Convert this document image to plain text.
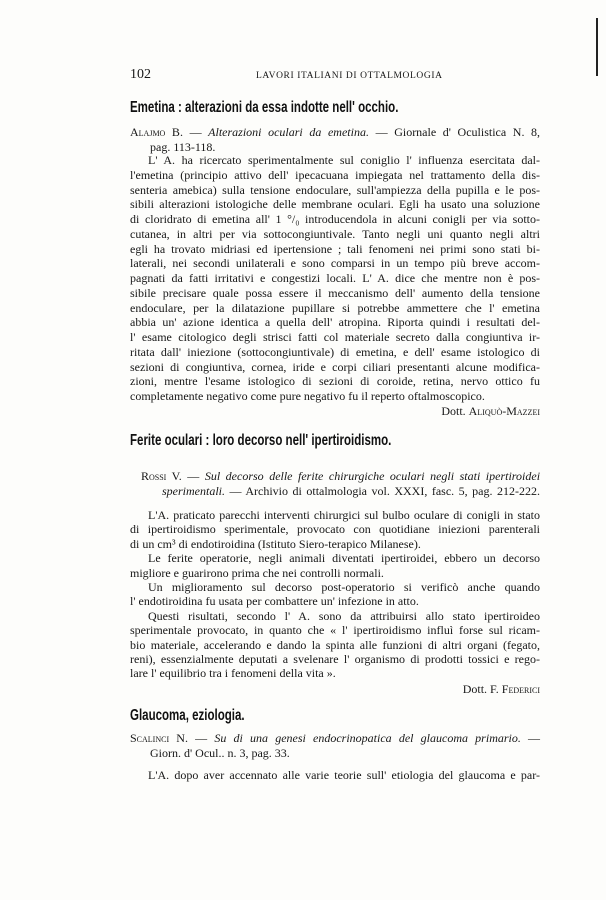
102	LAVORI ITALIANI DI OTTALMOLOGIA
Emetina : alterazioni da essa indotte nell' occhio.
Alajmo B. — Alterazioni oculari da emetina. — Giornale d' Oculistica N. 8,
pag. 113-118.
L' A. ha ricercato sperimentalmente sul coniglio l' influenza esercitata dal-
l'emetina (principio attivo dell' ipecacuana impiegata nel trattamento della dis-
senteria amebica) sulla tensione endoculare, sull'ampiezza della pupilla e le pos-
sibili alterazioni istologiche delle membrane oculari. Egli ha usato una soluzione
di cloridrato di emetina all' 1 °/₀ introducendola in alcuni conigli per via sotto-
cutanea, in altri per via sottocongiuntivale. Tanto negli uni quanto negli altri
egli ha trovato midriasi ed ipertensione ; tali fenomeni nei primi sono stati bi-
laterali, nei secondi unilaterali e sono comparsi in un tempo più breve accom-
pagnati da fatti irritativi e congestizi locali. L' A. dice che mentre non è pos-
sibile precisare quale possa essere il meccanismo dell' aumento della tensione
endoculare, per la dilatazione pupillare si potrebbe ammettere che l' emetina
abbia un' azione identica a quella dell' atropina. Riporta quindi i resultati del-
l' esame citologico degli strisci fatti col materiale secreto dalla congiuntiva ir-
ritata dall' iniezione (sottocongiuntivale) di emetina, e dell' esame istologico di
sezioni di congiuntiva, cornea, iride e corpi ciliari presentanti alcune modifica-
zioni, mentre l'esame istologico di sezioni di coroide, retina, nervo ottico fu
completamente negativo come pure negativo fu il reperto oftalmoscopico.
Dott. Aliquò-Mazzei
Ferite oculari : loro decorso nell' ipertiroidismo.
Rossi V. — Sul decorso delle ferite chirurgiche oculari negli stati ipertiroidei
sperimentali. — Archivio di ottalmologia vol. XXXI, fasc. 5, pag. 212-222.
L'A. praticato parecchi interventi chirurgici sul bulbo oculare di conigli in stato
di ipertiroidismo sperimentale, provocato con quotidiane iniezioni parenterali
di un cm³ di endotiroidina (Istituto Siero-terapico Milanese).
Le ferite operatorie, negli animali diventati ipertiroidei, ebbero un decorso
migliore e guarirono prima che nei controlli normali.
Un miglioramento sul decorso post-operatorio si verificò anche quando
l' endotiroidina fu usata per combattere un' infezione in atto.
Questi risultati, secondo l' A. sono da attribuirsi allo stato ipertiroideo
sperimentale provocato, in quanto che « l' ipertiroidismo influì forse sul ricam-
bio materiale, accelerando e dando la spinta alle funzioni di altri organi (fegato,
reni), essenzialmente deputati a svelenare l' organismo di prodotti tossici e rego-
lare l' equilibrio tra i fenomeni della vita ».
Dott. F. Federici
Glaucoma, eziologia.
Scalinci N. — Su di una genesi endocrinopatica del glaucoma primario. —
Giorn. d' Ocul.. n. 3, pag. 33.
L'A. dopo aver accennato alle varie teorie sull' etiologia del glaucoma e par-
